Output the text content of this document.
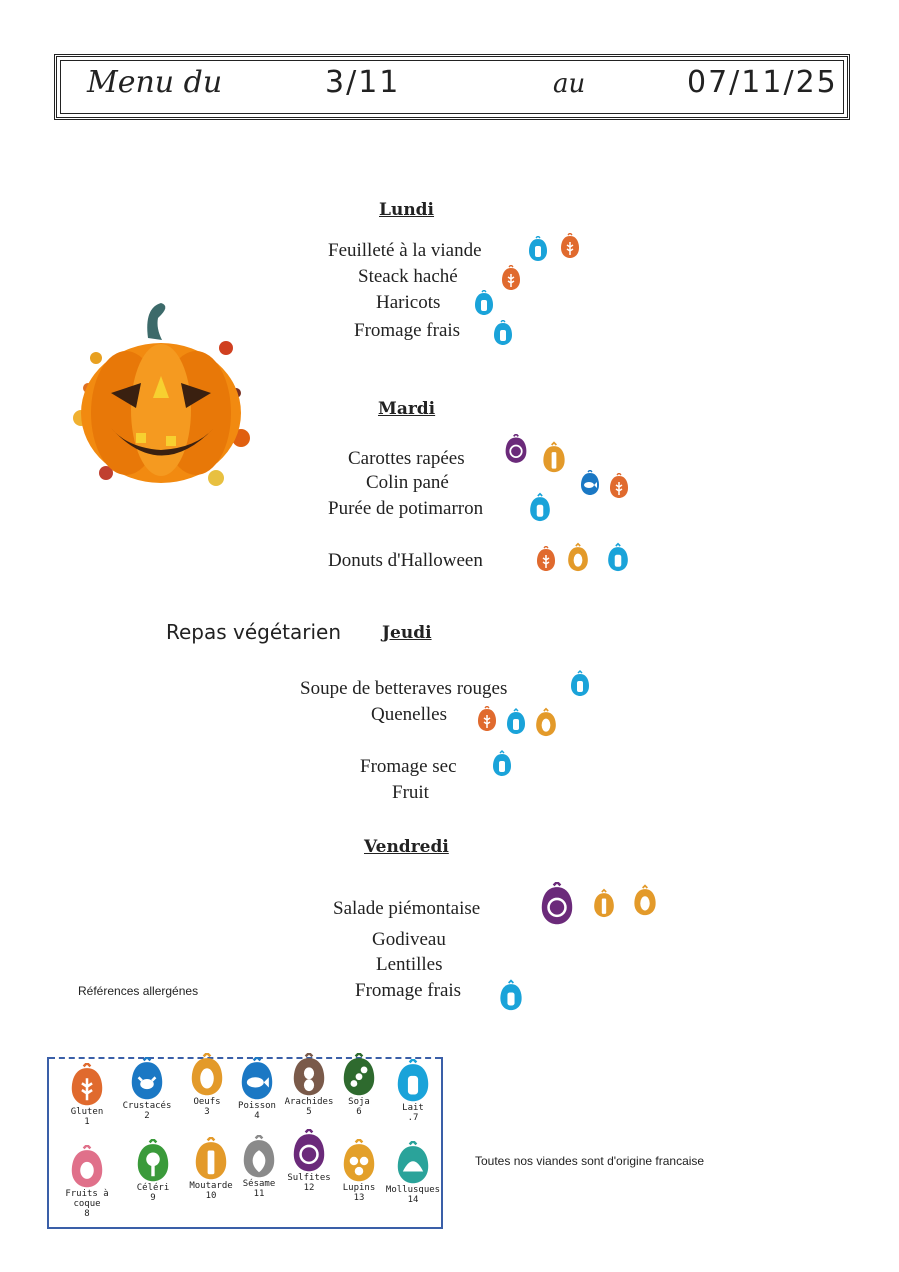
Menu du	3/11	au	07/11/25
Lundi
Feuilleté à la viande
Steack haché
Haricots
Fromage frais
Mardi
Carottes rapées
Colin pané
Purée de potimarron
Donuts d'Halloween
Repas végétarien Jeudi
Soupe de betteraves rouges
Quenelles
Fromage sec
Fruit
Vendredi
Salade piémontaise
Godiveau
Lentilles
Fromage frais
Références allergénes
Gluten
1
Crustacés
2
Oeufs
3
Poisson
4
Arachides
5
Soja
6	Lait
.7
Fruits à coque
8
Céléri
9
Moutarde
10
Sésame
11
Sulfites
12	Lupins
13
Mollusques
14
Toutes nos viandes sont d'origine francaise
